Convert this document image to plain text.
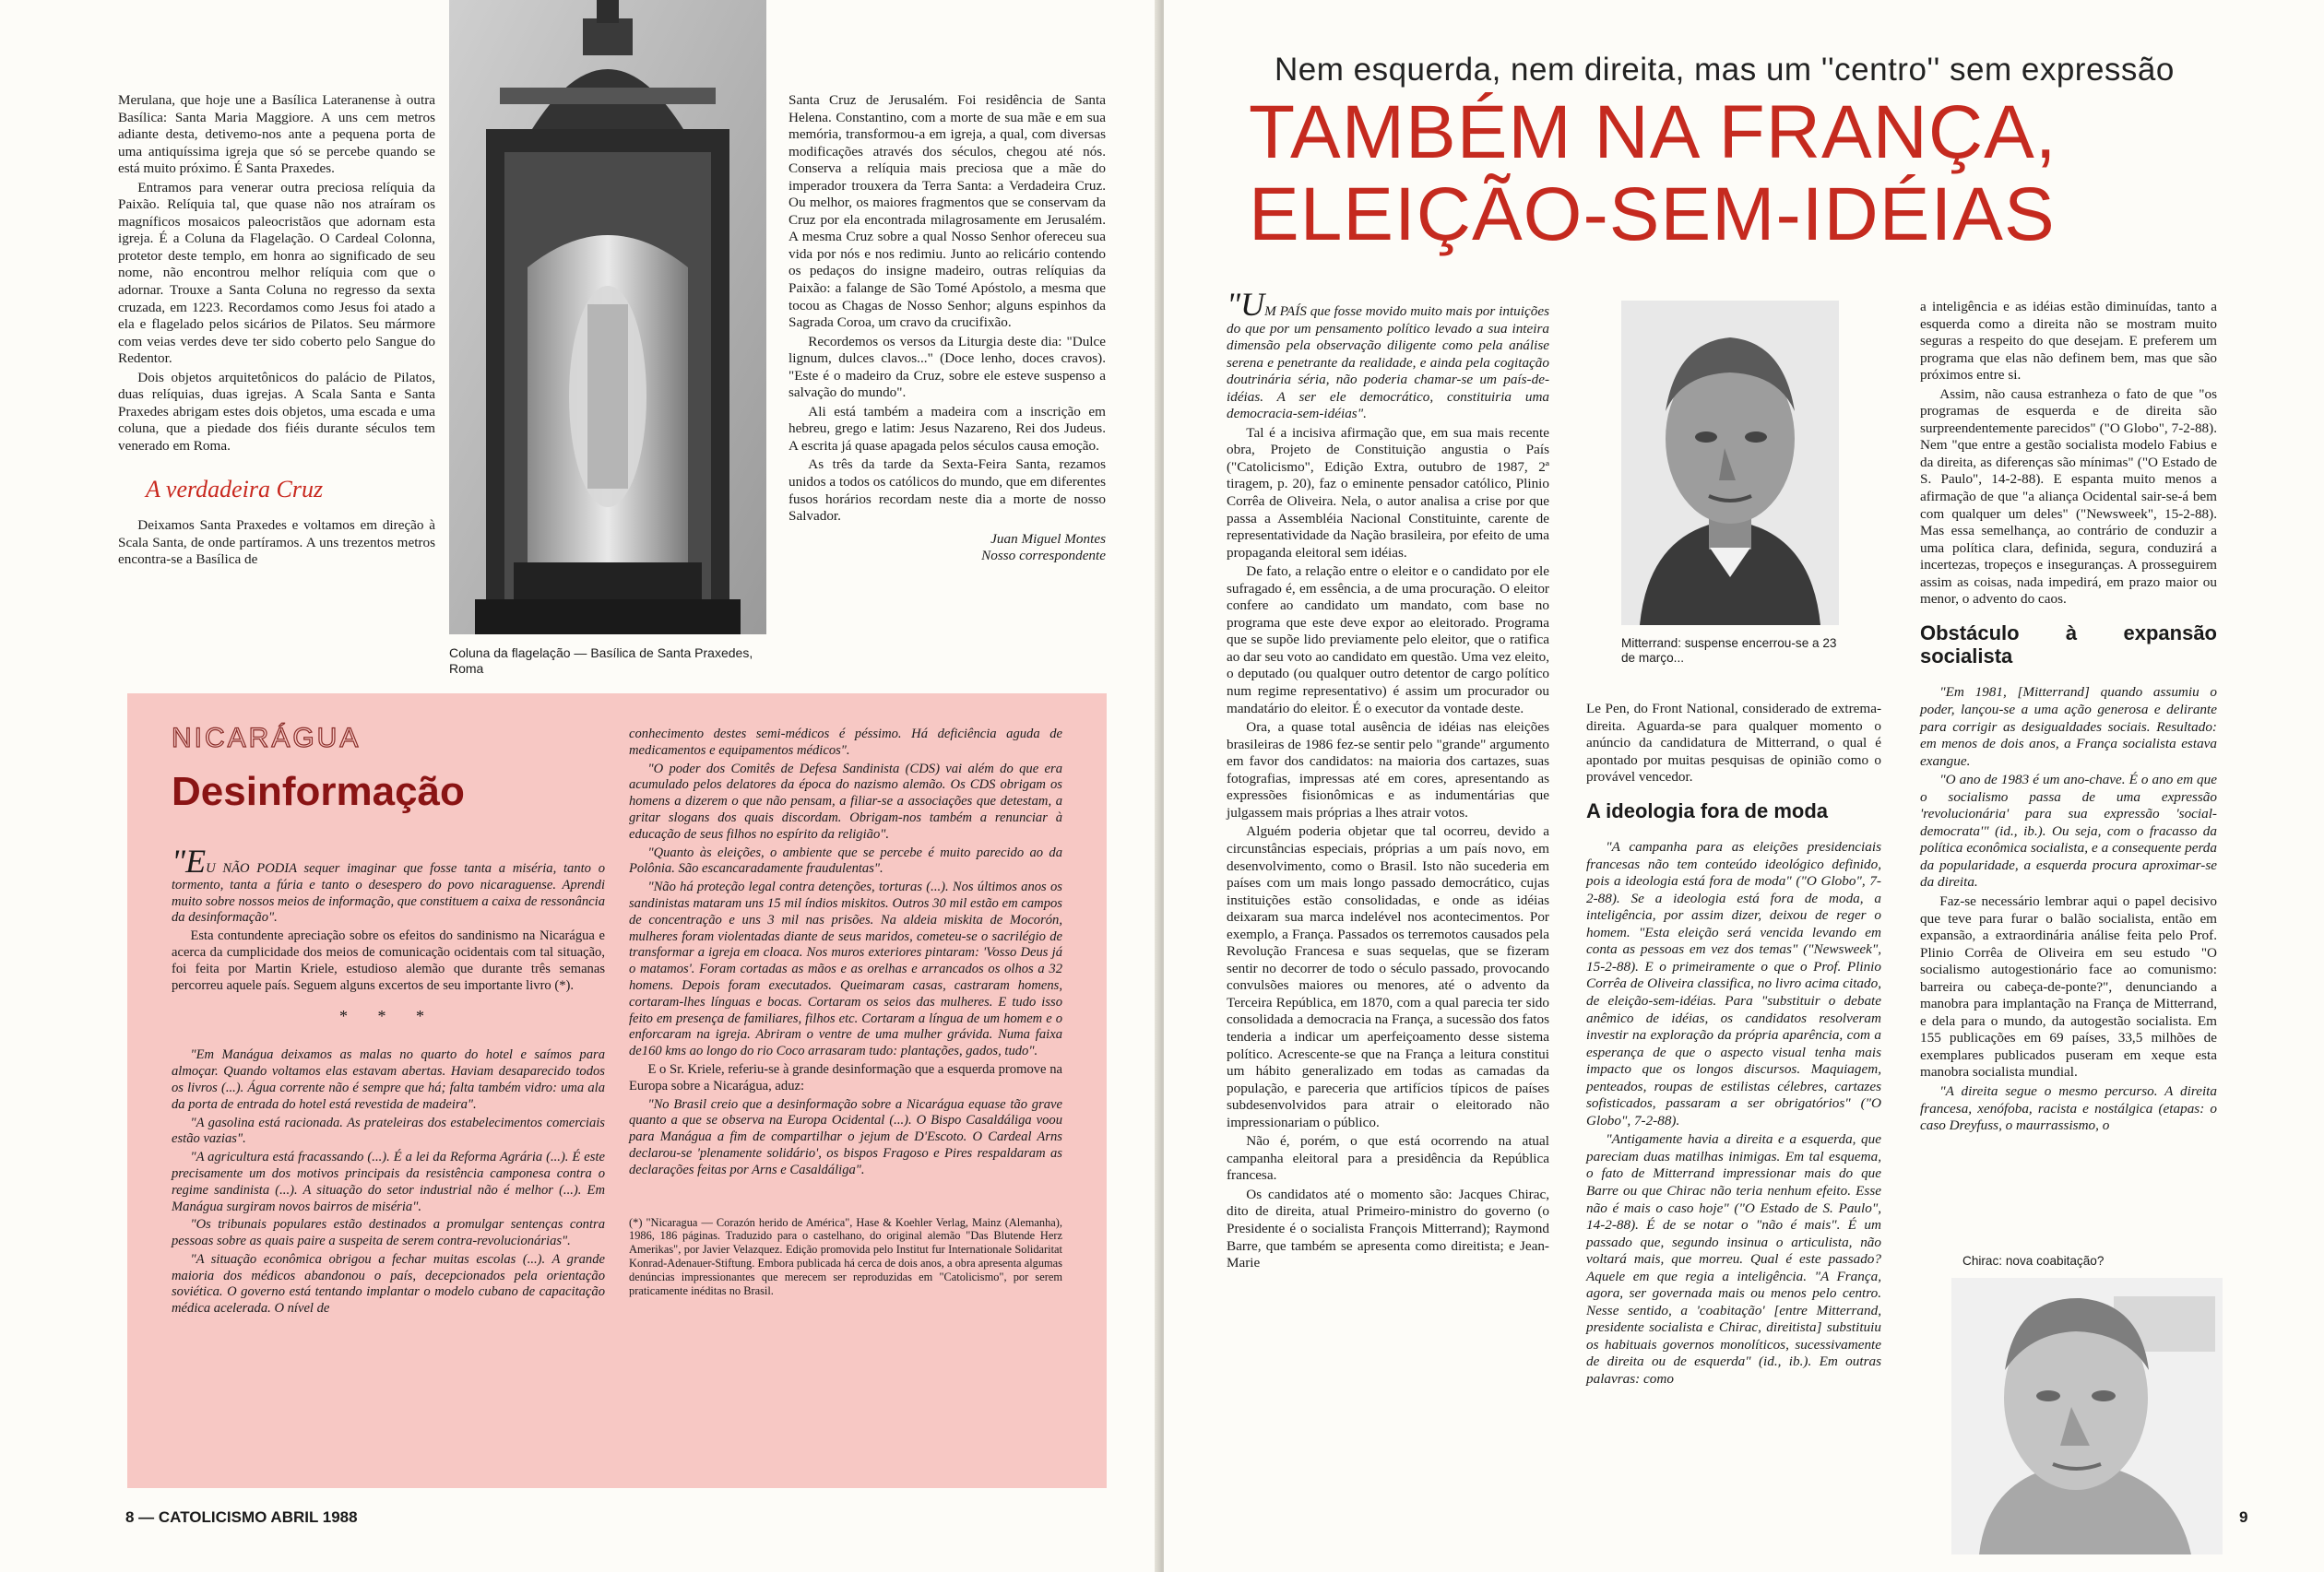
Merulana, que hoje une a Basílica Lateranense à outra Basílica: Santa Maria Maggiore. A uns cem metros adiante desta, detivemo-nos ante a pequena porta de uma antiquíssima igreja que só se percebe quando se está muito próximo. É Santa Praxedes.

Entramos para venerar outra preciosa relíquia da Paixão. Relíquia tal, que quase não nos atraíram os magníficos mosaicos paleocristãos que adornam esta igreja. É a Coluna da Flagelação. O Cardeal Colonna, protetor deste templo, em honra ao significado de seu nome, não encontrou melhor relíquia com que o adornar. Trouxe a Santa Coluna no regresso da sexta cruzada, em 1223. Recordamos como Jesus foi atado a ela e flagelado pelos sicários de Pilatos. Seu mármore com veias verdes deve ter sido coberto pelo Sangue do Redentor.

Dois objetos arquitetônicos do palácio de Pilatos, duas relíquias, duas igrejas. A Scala Santa e Santa Praxedes abrigam estes dois objetos, uma escada e uma coluna, que a piedade dos fiéis durante séculos tem venerado em Roma.

A verdadeira Cruz

Deixamos Santa Praxedes e voltamos em direção à Scala Santa, de onde partíramos. A uns trezentos metros encontra-se a Basílica de

Coluna da flagelação — Basílica de Santa Praxedes, Roma

Santa Cruz de Jerusalém. Foi residência de Santa Helena. Constantino, com a morte de sua mãe e em sua memória, transformou-a em igreja, a qual, com diversas modificações através dos séculos, chegou até nós. Conserva a relíquia mais preciosa que a mãe do imperador trouxera da Terra Santa: a Verdadeira Cruz. Ou melhor, os maiores fragmentos que se conservam da Cruz por ela encontrada milagrosamente em Jerusalém. A mesma Cruz sobre a qual Nosso Senhor ofereceu sua vida por nós e nos redimiu. Junto ao relicário contendo os pedaços do insigne madeiro, outras relíquias da Paixão: a falange de São Tomé Apóstolo, a mesma que tocou as Chagas de Nosso Senhor; alguns espinhos da Sagrada Coroa, um cravo da crucifixão.

Recordemos os versos da Liturgia deste dia: "Dulce lignum, dulces clavos..." (Doce lenho, doces cravos). "Este é o madeiro da Cruz, sobre ele esteve suspenso a salvação do mundo".

Ali está também a madeira com a inscrição em hebreu, grego e latim: Jesus Nazareno, Rei dos Judeus. A escrita já quase apagada pelos séculos causa emoção.

As três da tarde da Sexta-Feira Santa, rezamos unidos a todos os católicos do mundo, que em diferentes fusos horários recordam neste dia a morte de nosso Salvador.

Juan Miguel Montes
Nosso correspondente
NICARÁGUA
Desinformação

"EU NÃO PODIA sequer imaginar que fosse tanta a miséria, tanto o tormento, tanta a fúria e tanto o desespero do povo nicaraguense. Aprendi muito sobre nossos meios de informação, que constituem a caixa de ressonância da desinformação".

Esta contundente apreciação sobre os efeitos do sandinismo na Nicarágua e acerca da cumplicidade dos meios de comunicação ocidentais com tal situação, foi feita por Martin Kriele, estudioso alemão que durante três semanas percorreu aquele país. Seguem alguns excertos de seu importante livro (*).

* * *

"Em Manágua deixamos as malas no quarto do hotel e saímos para almoçar. Quando voltamos elas estavam abertas. Haviam desaparecido todos os livros (...). Água corrente não é sempre que há; falta também vidro: uma ala da porta de entrada do hotel está revestida de madeira".

"A gasolina está racionada. As prateleiras dos estabelecimentos comerciais estão vazias".

"A agricultura está fracassando (...). É a lei da Reforma Agrária (...). É este precisamente um dos motivos principais da resistência camponesa contra o regime sandinista (...). A situação do setor industrial não é melhor (...). Em Manágua surgiram novos bairros de miséria".

"Os tribunais populares estão destinados a promulgar sentenças contra pessoas sobre as quais paire a suspeita de serem contra-revolucionárias".

"A situação econômica obrigou a fechar muitas escolas (...). A grande maioria dos médicos abandonou o país, decepcionados pela orientação soviética. O governo está tentando implantar o modelo cubano de capacitação médica acelerada. O nível de

conhecimento destes semi-médicos é péssimo. Há deficiência aguda de medicamentos e equipamentos médicos".

"O poder dos Comitês de Defesa Sandinista (CDS) vai além do que era acumulado pelos delatores da época do nazismo alemão. Os CDS obrigam os homens a dizerem o que não pensam, a filiar-se a associações que detestam, a gritar slogans dos quais discordam. Obrigam-nos também a renunciar à educação de seus filhos no espírito da religião".

"Quanto às eleições, o ambiente que se percebe é muito parecido ao da Polônia. São escancaradamente fraudulentas".

"Não há proteção legal contra detenções, torturas (...). Nos últimos anos os sandinistas mataram uns 15 mil índios miskitos. Outros 30 mil estão em campos de concentração e uns 3 mil nas prisões. Na aldeia miskita de Mocorón, mulheres foram violentadas diante de seus maridos, cometeu-se o sacrilégio de transformar a igreja em cloaca. Nos muros exteriores pintaram: 'Vosso Deus já o matamos'. Foram cortadas as mãos e as orelhas e arrancados os olhos a 32 homens. Depois foram executados. Queimaram casas, castraram homens, cortaram-lhes línguas e bocas. Cortaram os seios das mulheres. E tudo isso feito em presença de familiares, filhos etc. Cortaram a língua de um homem e o enforcaram na igreja. Abriram o ventre de uma mulher grávida. Numa faixa de160 kms ao longo do rio Coco arrasaram tudo: plantações, gados, tudo".

E o Sr. Kriele, referiu-se à grande desinformação que a esquerda promove na Europa sobre a Nicarágua, aduz:

"No Brasil creio que a desinformação sobre a Nicarágua equase tão grave quanto a que se observa na Europa Ocidental (...). O Bispo Casaldáliga voou para Manágua a fim de compartilhar o jejum de D'Escoto. O Cardeal Arns declarou-se 'plenamente solidário', os bispos Fragoso e Pires respaldaram as declarações feitas por Arns e Casaldáliga".

(*) "Nicaragua — Corazón herido de América", Hase & Koehler Verlag, Mainz (Alemanha), 1986, 186 páginas. Traduzido para o castelhano, do original alemão "Das Blutende Herz Amerikas", por Javier Velazquez. Edição promovida pelo Institut fur Internationale Solidaritat Konrad-Adenauer-Stiftung. Embora publicada há cerca de dois anos, a obra apresenta algumas denúncias impressionantes que merecem ser reproduzidas em "Catolicismo", por serem praticamente inéditas no Brasil.
8 — CATOLICISMO ABRIL 1988
Nem esquerda, nem direita, mas um ''centro'' sem expressão
TAMBÉM NA FRANÇA,
ELEIÇÃO-SEM-IDÉIAS

"UM PAÍS que fosse movido muito mais por intuições do que por um pensamento político levado a sua inteira dimensão pela observação diligente como pela análise serena e penetrante da realidade, e ainda pela cogitação doutrinária séria, não poderia chamar-se um país-de-idéias. A ser ele democrático, constituiria uma democracia-sem-idéias".

Tal é a incisiva afirmação que, em sua mais recente obra, Projeto de Constituição angustia o País ("Catolicismo", Edição Extra, outubro de 1987, 2ª tiragem, p. 20), faz o eminente pensador católico, Plinio Corrêa de Oliveira. Nela, o autor analisa a crise por que passa a Assembléia Nacional Constituinte, carente de representatividade da Nação brasileira, por efeito de uma propaganda eleitoral sem idéias.

De fato, a relação entre o eleitor e o candidato por ele sufragado é, em essência, a de uma procuração. O eleitor confere ao candidato um mandato, com base no programa que este deve expor ao eleitorado. Programa que se supõe lido previamente pelo eleitor, que o ratifica ao dar seu voto ao candidato em questão. Uma vez eleito, o deputado (ou qualquer outro detentor de cargo político num regime representativo) é assim um procurador ou mandatário do eleitor. É o executor da vontade deste.

Ora, a quase total ausência de idéias nas eleições brasileiras de 1986 fez-se sentir pelo "grande" argumento em favor dos candidatos: na maioria dos cartazes, suas fotografias, impressas até em cores, apresentando as expressões fisionômicas e as indumentárias que julgassem mais próprias a lhes atrair votos.

Alguém poderia objetar que tal ocorreu, devido a circunstâncias especiais, próprias a um país novo, em desenvolvimento, como o Brasil. Isto não sucederia em países com um mais longo passado democrático, cujas instituições estão consolidadas, e onde as idéias deixaram sua marca indelével nos acontecimentos. Por exemplo, a França. Passados os terremotos causados pela Revolução Francesa e suas sequelas, que se fizeram sentir no decorrer de todo o século passado, provocando convulsões maiores ou menores, até o advento da Terceira República, em 1870, com a qual parecia ter sido consolidada a democracia na França, a sucessão dos fatos tenderia a indicar um aperfeiçoamento desse sistema político. Acrescente-se que na França a leitura constitui um hábito generalizado em todas as camadas da população, e pareceria que artifícios típicos de países subdesenvolvidos para atrair o eleitorado não impressionariam o público.

Não é, porém, o que está ocorrendo na atual campanha eleitoral para a presidência da República francesa.

Os candidatos até o momento são: Jacques Chirac, dito de direita, atual Primeiro-ministro do governo (o Presidente é o socialista François Mitterrand); Raymond Barre, que também se apresenta como direitista; e Jean-Marie

Mitterrand: suspense encerrou-se a 23 de março...

Le Pen, do Front National, considerado de extrema-direita. Aguarda-se para qualquer momento o anúncio da candidatura de Mitterrand, o qual é apontado por muitas pesquisas de opinião como o provável vencedor.

A ideologia fora de moda

"A campanha para as eleições presidenciais francesas não tem conteúdo ideológico definido, pois a ideologia está fora de moda" ("O Globo", 7-2-88). Se a ideologia está fora de moda, a inteligência, por assim dizer, deixou de reger o homem. "Esta eleição será vencida levando em conta as pessoas em vez dos temas" ("Newsweek", 15-2-88). E o primeiramente o que o Prof. Plinio Corrêa de Oliveira classifica, no livro acima citado, de eleição-sem-idéias. Para "substituir o debate anêmico de idéias, os candidatos resolveram investir na exploração da própria aparência, com a esperança de que o aspecto visual tenha mais impacto que os longos discursos. Maquiagem, penteados, roupas de estilistas célebres, cartazes sofisticados, passaram a ser obrigatórios" ("O Globo", 7-2-88).

"Antigamente havia a direita e a esquerda, que pareciam duas matilhas inimigas. Em tal esquema, o fato de Mitterrand impressionar mais do que Barre ou que Chirac não teria nenhum efeito. Esse não é mais o caso hoje" ("O Estado de S. Paulo", 14-2-88). É de se notar o "não é mais". É um passado que, segundo insinua o articulista, não voltará mais, que morreu. Qual é este passado? Aquele em que regia a inteligência. "A França, agora, ser governada mais ou menos pelo centro. Nesse sentido, a 'coabitação' [entre Mitterrand, presidente socialista e Chirac, direitista] substituiu os habituais governos monolíticos, sucessivamente de direita ou de esquerda" (id., ib.). Em outras palavras: como

a inteligência e as idéias estão diminuídas, tanto a esquerda como a direita não se mostram muito seguras a respeito do que desejam. E preferem um programa que elas não definem bem, mas que são próximos entre si.

Assim, não causa estranheza o fato de que "os programas de esquerda e de direita são surpreendentemente parecidos" ("O Globo", 7-2-88). Nem "que entre a gestão socialista modelo Fabius e da direita, as diferenças são mínimas" ("O Estado de S. Paulo", 14-2-88). E espanta muito menos a afirmação de que "a aliança Ocidental sair-se-á bem com qualquer um deles" ("Newsweek", 15-2-88). Mas essa semelhança, ao contrário de conduzir a uma política clara, definida, segura, conduzirá a incertezas, tropeços e inseguranças. A prosseguirem assim as coisas, nada impedirá, em prazo maior ou menor, o advento do caos.

Obstáculo à expansão socialista

"Em 1981, [Mitterrand] quando assumiu o poder, lançou-se a uma ação generosa e delirante para corrigir as desigualdades sociais. Resultado: em menos de dois anos, a França socialista estava exangue.

"O ano de 1983 é um ano-chave. É o ano em que o socialismo passa de uma expressão 'revolucionária' para sua expressão 'social-democrata'" (id., ib.). Ou seja, com o fracasso da política econômica socialista, e a consequente perda da popularidade, a esquerda procura aproximar-se da direita.

Faz-se necessário lembrar aqui o papel decisivo que teve para furar o balão socialista, então em expansão, a extraordinária análise feita pelo Prof. Plinio Corrêa de Oliveira em seu estudo "O socialismo autogestionário face ao comunismo: barreira ou cabeça-de-ponte?", denunciando a manobra para implantação na França de Mitterrand, e dela para o mundo, da autogestão socialista. Em 155 publicações em 69 países, 33,5 milhões de exemplares publicados puseram em xeque esta manobra socialista mundial.

"A direita segue o mesmo percurso. A direita francesa, xenófoba, racista e nostálgica (etapas: o caso Dreyfuss, o maurrassismo, o

Chirac: nova coabitação?
9
